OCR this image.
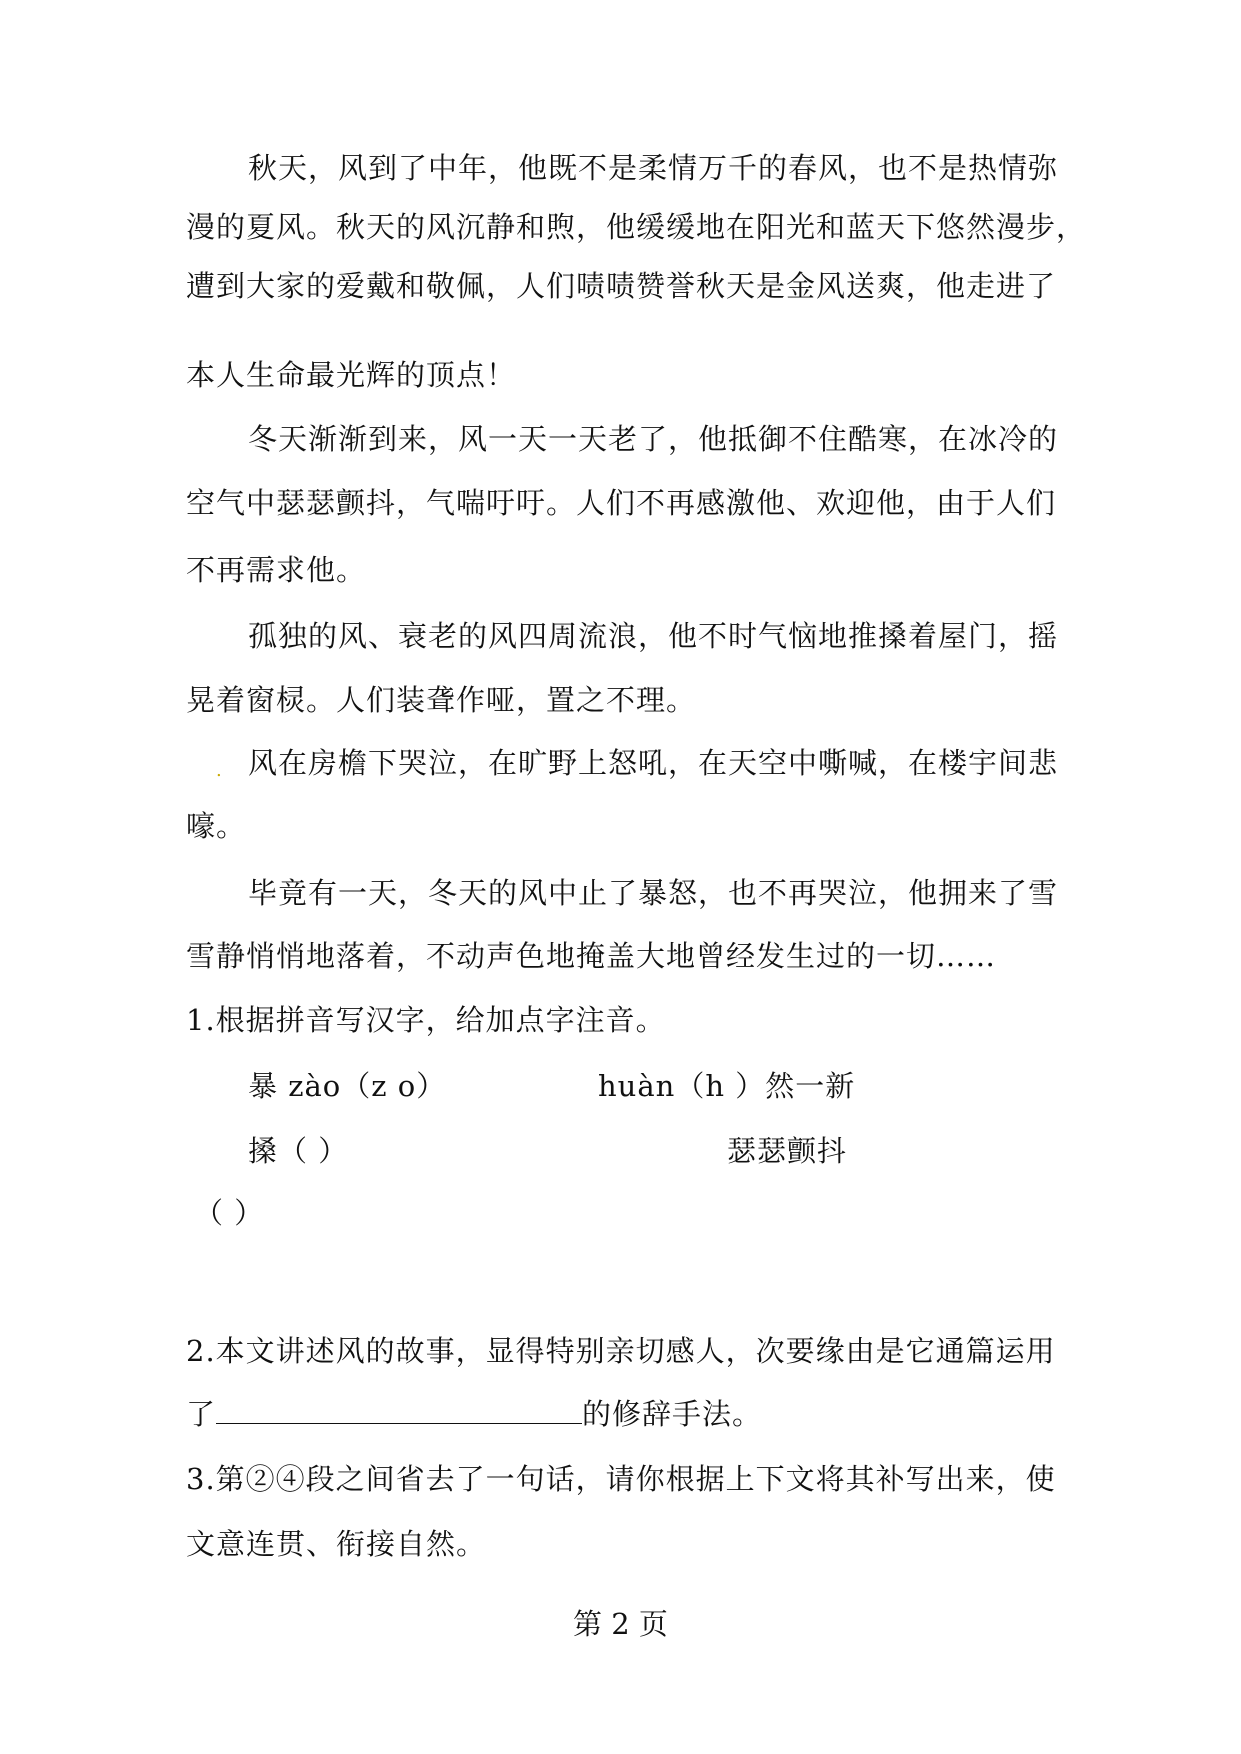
秋天，风到了中年，他既不是柔情万千的春风，也不是热情弥

漫的夏风。秋天的风沉静和煦，他缓缓地在阳光和蓝天下悠然漫步，

遭到大家的爱戴和敬佩，人们啧啧赞誉秋天是金风送爽，他走进了

本人生命最光辉的顶点！

冬天渐渐到来，风一天一天老了，他抵御不住酷寒，在冰冷的

空气中瑟瑟颤抖，气喘吁吁。人们不再感激他、欢迎他，由于人们

不再需求他。

孤独的风、衰老的风四周流浪，他不时气恼地推搡着屋门，摇

晃着窗棂。人们装聋作哑，置之不理。

. 风在房檐下哭泣，在旷野上怒吼，在天空中嘶喊，在楼宇间悲

嚎。

毕竟有一天，冬天的风中止了暴怒，也不再哭泣，他拥来了雪

雪静悄悄地落着，不动声色地掩盖大地曾经发生过的一切……

1.根据拼音写汉字，给加点字注音。

暴 zào（z o）	huàn（h ）然一新

搡（ ）	瑟瑟颤抖

（ ）

2.本文讲述风的故事，显得特别亲切感人，次要缘由是它通篇运用

了	的修辞手法。

3.第②④段之间省去了一句话，请你根据上下文将其补写出来，使

文意连贯、衔接自然。

第 2 页
